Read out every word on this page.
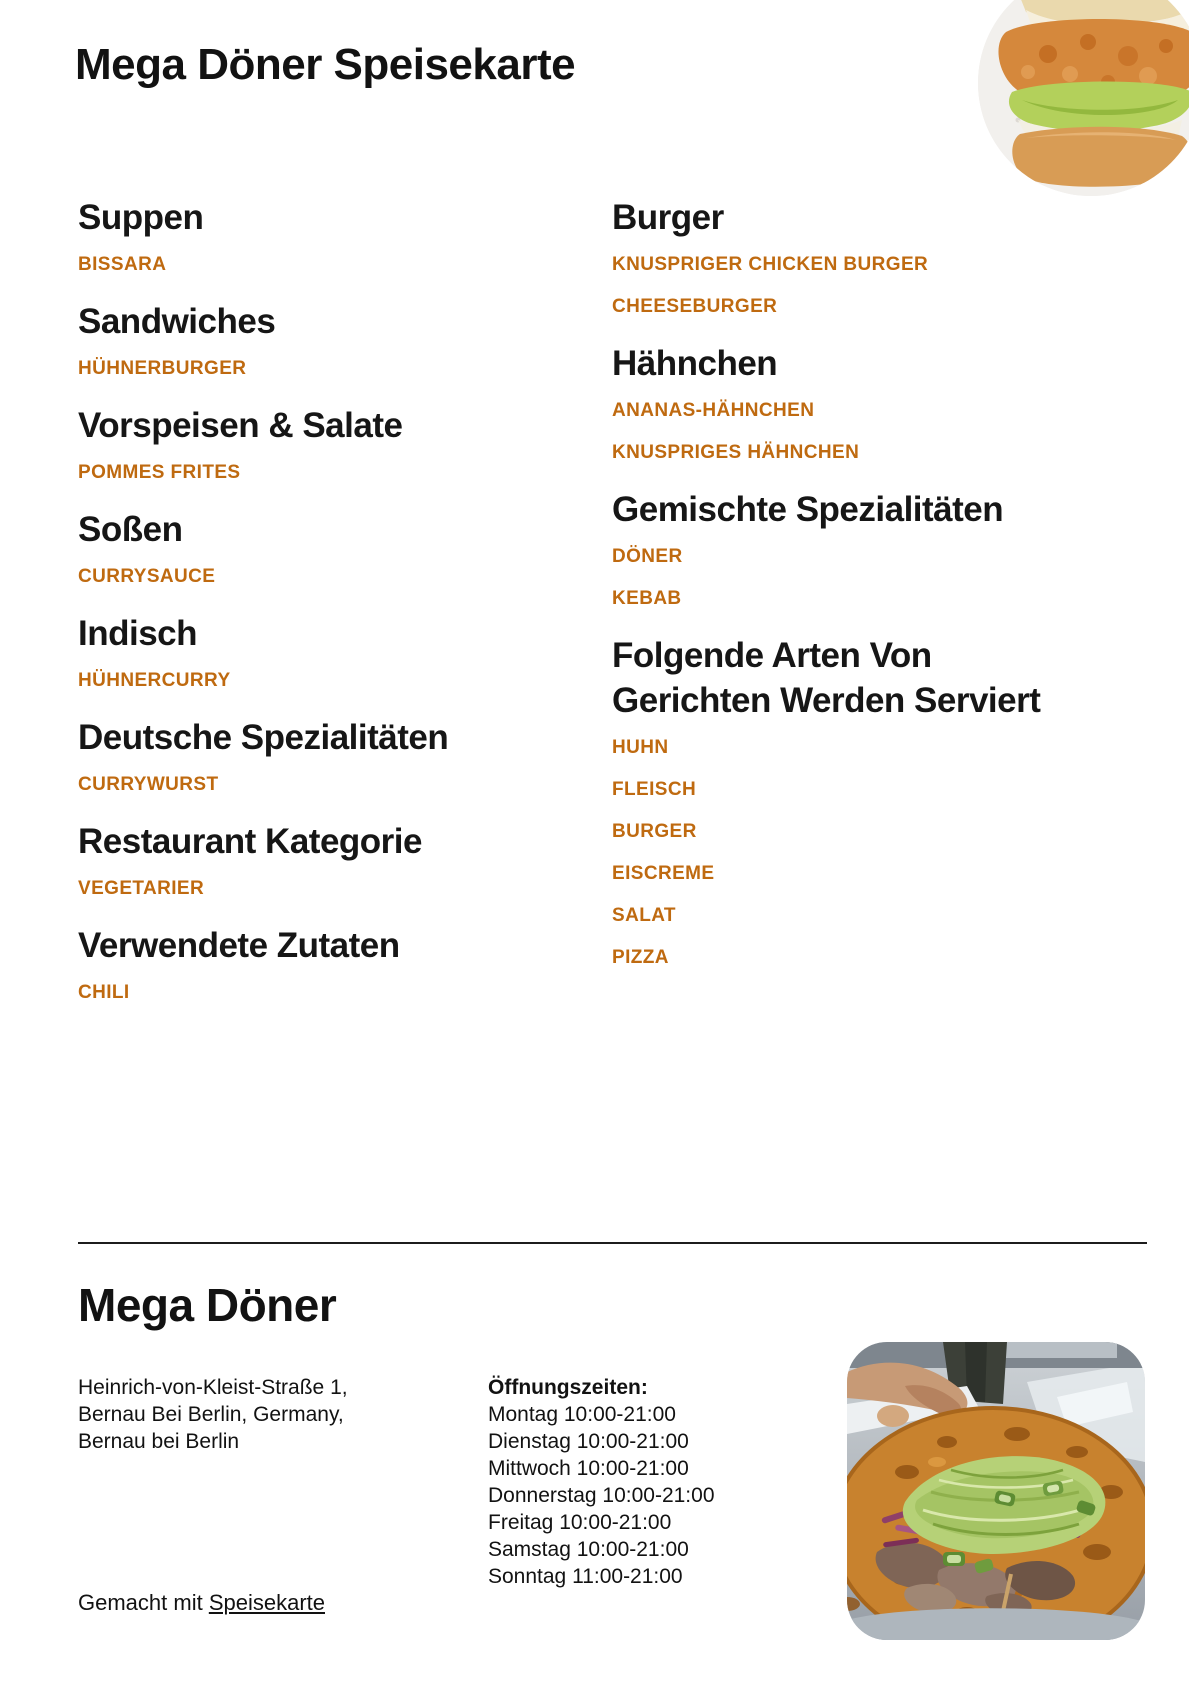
Mega Döner Speisekarte
Suppen
BISSARA
Sandwiches
HÜHNERBURGER
Vorspeisen & Salate
POMMES FRITES
Soßen
CURRYSAUCE
Indisch
HÜHNERCURRY
Deutsche Spezialitäten
CURRYWURST
Restaurant Kategorie
VEGETARIER
Verwendete Zutaten
CHILI
Burger
KNUSPRIGER CHICKEN BURGER
CHEESEBURGER
Hähnchen
ANANAS-HÄHNCHEN
KNUSPRIGES HÄHNCHEN
Gemischte Spezialitäten
DÖNER
KEBAB
Folgende Arten Von Gerichten Werden Serviert
HUHN
FLEISCH
BURGER
EISCREME
SALAT
PIZZA
Mega Döner
Heinrich-von-Kleist-Straße 1,
Bernau Bei Berlin, Germany,
Bernau bei Berlin
Öffnungszeiten:
Montag 10:00-21:00
Dienstag 10:00-21:00
Mittwoch 10:00-21:00
Donnerstag 10:00-21:00
Freitag 10:00-21:00
Samstag 10:00-21:00
Sonntag 11:00-21:00
Gemacht mit Speisekarte
